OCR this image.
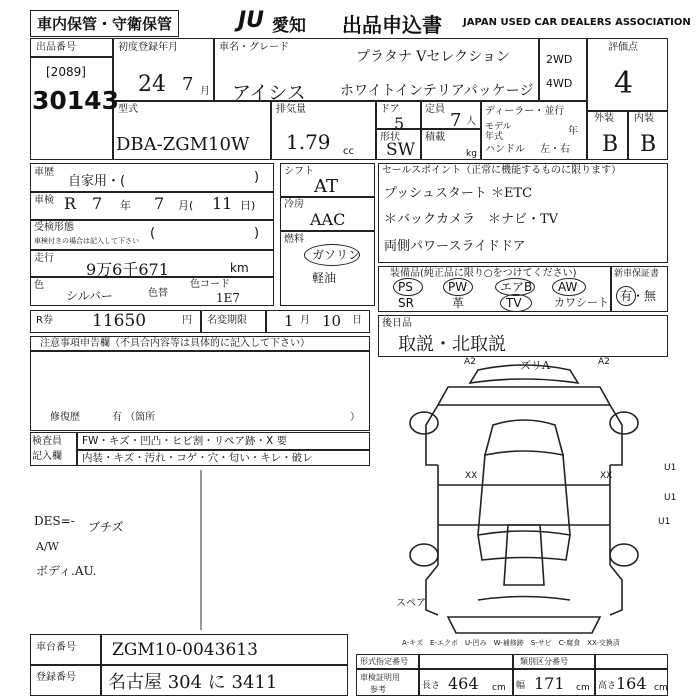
車内保管・守衛保管	JU 愛知 出品申込書 JAPAN USED CAR DEALERS ASSOCIATION
出品番号
[2089]
30143
初度登録年月
24 7 月
車名・グレード
プラタナ Vセレクション
アイシス ホワイトインテリアパッケージ
2WD
4WD
評価点
4
外装 内装
B B
型式
DBA-ZGM10W
排気量
1.79 cc
ドア
5
形状
SW
定員
7 人
積載
kg
ディーラー・並行
モデル
年式	年
ハンドル 左・右
車歴
自家用・(	)
車検 R 7 年 7 月( 11 日)
受検形態
車検付きの場合は記入して下さい (	)
走行
9万6千671	km
色
シルバー	色替
色コード
1E7
シフト
AT
冷房
AAC
燃料
ガソリン
軽油
セールスポイント（正常に機能するものに限ります）
プッシュスタート ＊ETC
＊バックカメラ　＊ナビ・TV
両側パワースライドドア
装備品(純正品に限り○をつけてください)
PS	PW	エアB AW
SR	革	TV	カワシート
新車保証書
有・無
R券 11650	円 名変期限 1 月 10 日 後日品
取説・北取説
注意事項申告欄（不具合内容等は具体的に記入して下さい）
修復歴	有 （箇所	）
検査員
記入欄
FW・キズ・凹凸・ヒビ割・リペア跡・X 要
内装・キズ・汚れ・コゲ・穴・匂い・キレ・破レ
DES=- ブチズ
A/W
ボディ.AU.
A2	ズリA	A2
XX	XX
U1
U1
U1
スペア
A-キズ　E-エクボ　U-凹み　W-補修跡　S-サビ　C-腐食　XX-交換済
車台番号 ZGM10-0043613
登録番号 名古屋 304 に 3411
形式指定番号	類別区分番号
車検証明用
参考	長さ 464 cm 幅 171 cm 高さ 164 cm
